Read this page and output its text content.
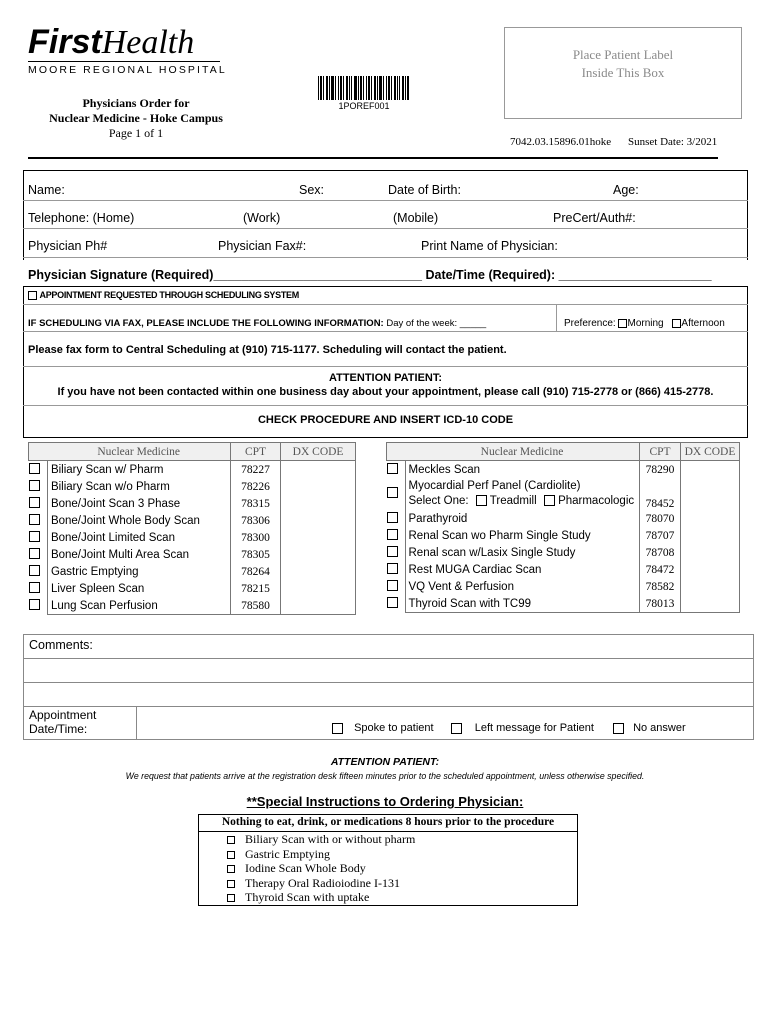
FirstHealth
MOORE REGIONAL HOSPITAL
Physicians Order for
Nuclear Medicine - Hoke Campus
Page 1 of 1
1POREF001
Place Patient Label
Inside This Box
7042.03.15896.01hoke Sunset Date: 3/2021
Name:	Sex:	Date of Birth:	Age:
Telephone: (Home)	(Work)	(Mobile)	PreCert/Auth#:
Physician Ph#	Physician Fax#:	Print Name of Physician:
Physician Signature (Required)______________________________ Date/Time (Required): ______________________
APPOINTMENT REQUESTED THROUGH SCHEDULING SYSTEM
IF SCHEDULING VIA FAX, PLEASE INCLUDE THE FOLLOWING INFORMATION: Day of the week: _____	Preference: Morning Afternoon
Please fax form to Central Scheduling at (910) 715-1177. Scheduling will contact the patient.
ATTENTION PATIENT:
If you have not been contacted within one business day about your appointment, please call (910) 715-2778 or (866) 415-2778.
CHECK PROCEDURE AND INSERT ICD-10 CODE
	Nuclear Medicine	CPT	DX CODE
	Biliary Scan w/ Pharm	78227	
	Biliary Scan w/o Pharm	78226	
	Bone/Joint Scan 3 Phase	78315	
	Bone/Joint Whole Body Scan	78306	
	Bone/Joint Limited Scan	78300	
	Bone/Joint Multi Area Scan	78305	
	Gastric Emptying	78264	
	Liver Spleen Scan	78215	
	Lung Scan Perfusion	78580	

	Nuclear Medicine	CPT	DX CODE
	Meckles Scan	78290	

	Myocardial Perf Panel (Cardiolite)
Select One: Treadmill Pharmacologic	78452	
	Parathyroid	78070	
	Renal Scan wo Pharm Single Study	78707	
	Renal scan w/Lasix Single Study	78708	
	Rest MUGA Cardiac Scan	78472	
	VQ Vent & Perfusion	78582	
	Thyroid Scan with TC99	78013	

Comments:
Appointment
Date/Time:	Spoke to patient	Left message for Patient	No answer
ATTENTION PATIENT:
We request that patients arrive at the registration desk fifteen minutes prior to the scheduled appointment, unless otherwise specified.
**Special Instructions to Ordering Physician:
Nothing to eat, drink, or medications 8 hours prior to the procedure
Biliary Scan with or without pharm
Gastric Emptying
Iodine Scan Whole Body
Therapy Oral Radioiodine I-131
Thyroid Scan with uptake
